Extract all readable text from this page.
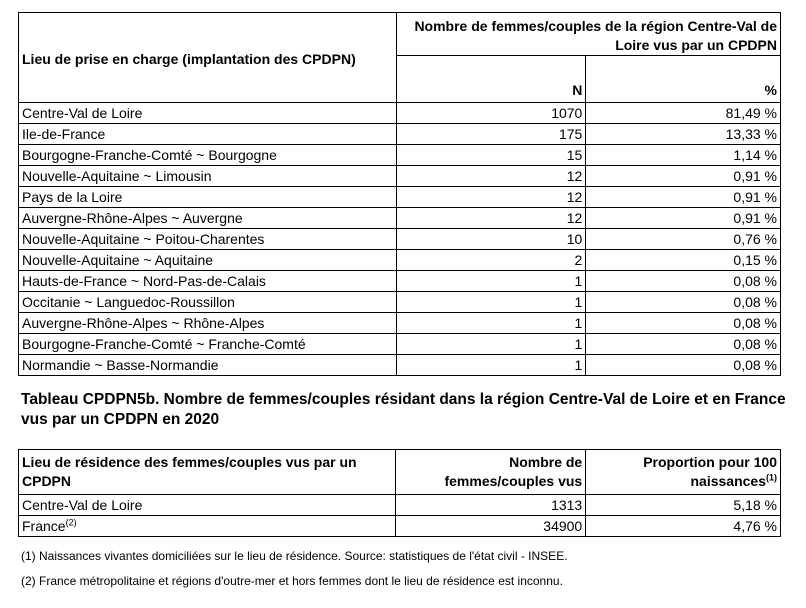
Lieu de prise en charge (implantation des CPDPN)	Nombre de femmes/couples de la région Centre-Val de Loire vus par un CPDPN	
	N	%
Centre-Val de Loire	1070	81,49 %
Ile-de-France	175	13,33 %
Bourgogne-Franche-Comté ~ Bourgogne	15	1,14 %
Nouvelle-Aquitaine ~ Limousin	12	0,91 %
Pays de la Loire	12	0,91 %
Auvergne-Rhône-Alpes ~ Auvergne	12	0,91 %
Nouvelle-Aquitaine ~ Poitou-Charentes	10	0,76 %
Nouvelle-Aquitaine ~ Aquitaine	2	0,15 %
Hauts-de-France ~ Nord-Pas-de-Calais	1	0,08 %
Occitanie ~ Languedoc-Roussillon	1	0,08 %
Auvergne-Rhône-Alpes ~ Rhône-Alpes	1	0,08 %
Bourgogne-Franche-Comté ~ Franche-Comté	1	0,08 %
Normandie ~ Basse-Normandie	1	0,08 %
Tableau CPDPN5b. Nombre de femmes/couples résidant dans la région Centre-Val de Loire et en France vus par un CPDPN en 2020
Lieu de résidence des femmes/couples vus par un CPDPN	Nombre de femmes/couples vus	Proportion pour 100 naissances$^{(1)}$
Centre-Val de Loire	1313	5,18 %
France$^{(2)}$	34900	4,76 %
(1) Naissances vivantes domiciliées sur le lieu de résidence. Source: statistiques de l'état civil - INSEE.
(2) France métropolitaine et régions d'outre-mer et hors femmes dont le lieu de résidence est inconnu.
